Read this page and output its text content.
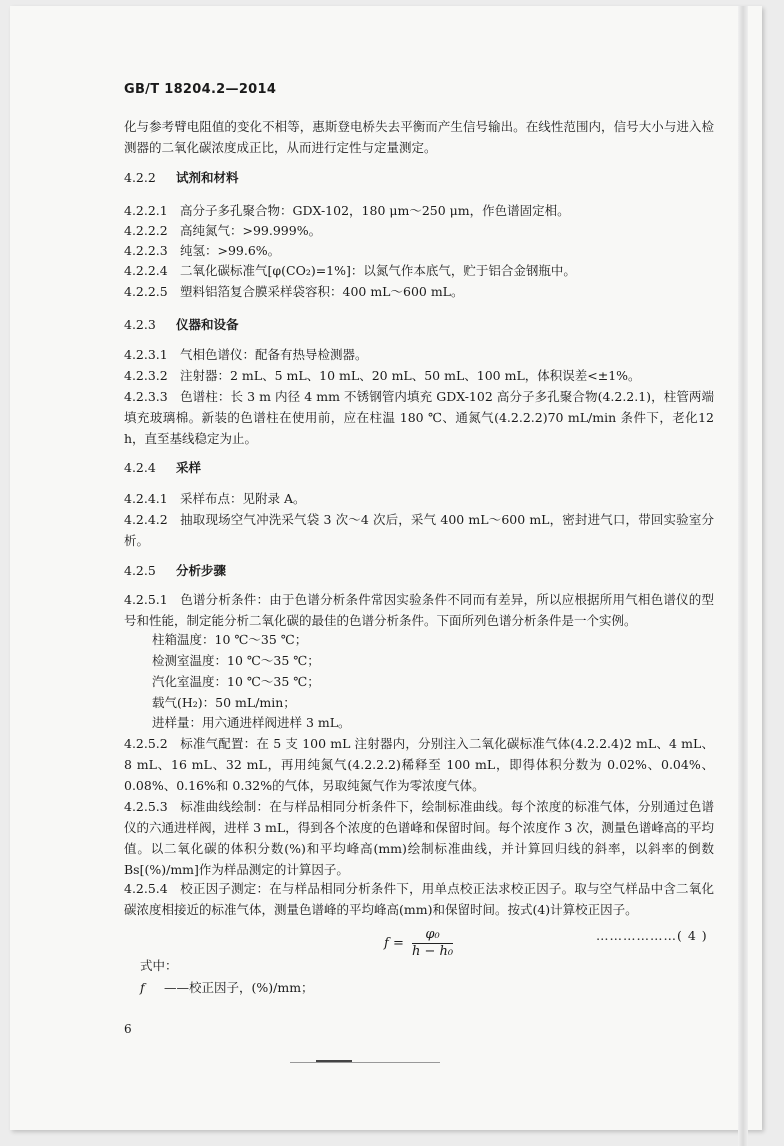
GB/T 18204.2—2014
化与参考臂电阻值的变化不相等，惠斯登电桥失去平衡而产生信号输出。在线性范围内，信号大小与进入检测器的二氧化碳浓度成正比，从而进行定性与定量测定。
4.2.2 试剂和材料
4.2.2.1 高分子多孔聚合物：GDX-102，180 μm～250 μm，作色谱固定相。
4.2.2.2 高纯氮气：>99.999%。
4.2.2.3 纯氢：>99.6%。
4.2.2.4 二氧化碳标准气[φ(CO₂)=1%]：以氮气作本底气，贮于铝合金钢瓶中。
4.2.2.5 塑料铝箔复合膜采样袋容积：400 mL～600 mL。
4.2.3 仪器和设备
4.2.3.1 气相色谱仪：配备有热导检测器。
4.2.3.2 注射器：2 mL、5 mL、10 mL、20 mL、50 mL、100 mL，体积误差<±1%。
4.2.3.3 色谱柱：长 3 m 内径 4 mm 不锈钢管内填充 GDX-102 高分子多孔聚合物(4.2.2.1)，柱管两端填充玻璃棉。新装的色谱柱在使用前，应在柱温 180 ℃、通氮气(4.2.2.2)70 mL/min 条件下，老化12 h，直至基线稳定为止。
4.2.4 采样
4.2.4.1 采样布点：见附录 A。
4.2.4.2 抽取现场空气冲洗采气袋 3 次～4 次后，采气 400 mL～600 mL，密封进气口，带回实验室分析。
4.2.5 分析步骤
4.2.5.1 色谱分析条件：由于色谱分析条件常因实验条件不同而有差异，所以应根据所用气相色谱仪的型号和性能，制定能分析二氧化碳的最佳的色谱分析条件。下面所列色谱分析条件是一个实例。
柱箱温度：10 ℃～35 ℃；
检测室温度：10 ℃～35 ℃；
汽化室温度：10 ℃～35 ℃；
载气(H₂)：50 mL/min；
进样量：用六通进样阀进样 3 mL。
4.2.5.2 标准气配置：在 5 支 100 mL 注射器内，分别注入二氧化碳标准气体(4.2.2.4)2 mL、4 mL、8 mL、16 mL、32 mL，再用纯氮气(4.2.2.2)稀释至 100 mL，即得体积分数为 0.02%、0.04%、0.08%、0.16%和 0.32%的气体，另取纯氮气作为零浓度气体。
4.2.5.3 标准曲线绘制：在与样品相同分析条件下，绘制标准曲线。每个浓度的标准气体，分别通过色谱仪的六通进样阀，进样 3 mL，得到各个浓度的色谱峰和保留时间。每个浓度作 3 次，测量色谱峰高的平均值。以二氧化碳的体积分数(%)和平均峰高(mm)绘制标准曲线，并计算回归线的斜率，以斜率的倒数 Bs[(%)/mm]作为样品测定的计算因子。
4.2.5.4 校正因子测定：在与样品相同分析条件下，用单点校正法求校正因子。取与空气样品中含二氧化碳浓度相接近的标准气体，测量色谱峰的平均峰高(mm)和保留时间。按式(4)计算校正因子。
$f = \frac{\text{φ₀}}{\text{h − h₀}}$	………………( 4 )
式中：
f ——校正因子，(%)/mm；
6
